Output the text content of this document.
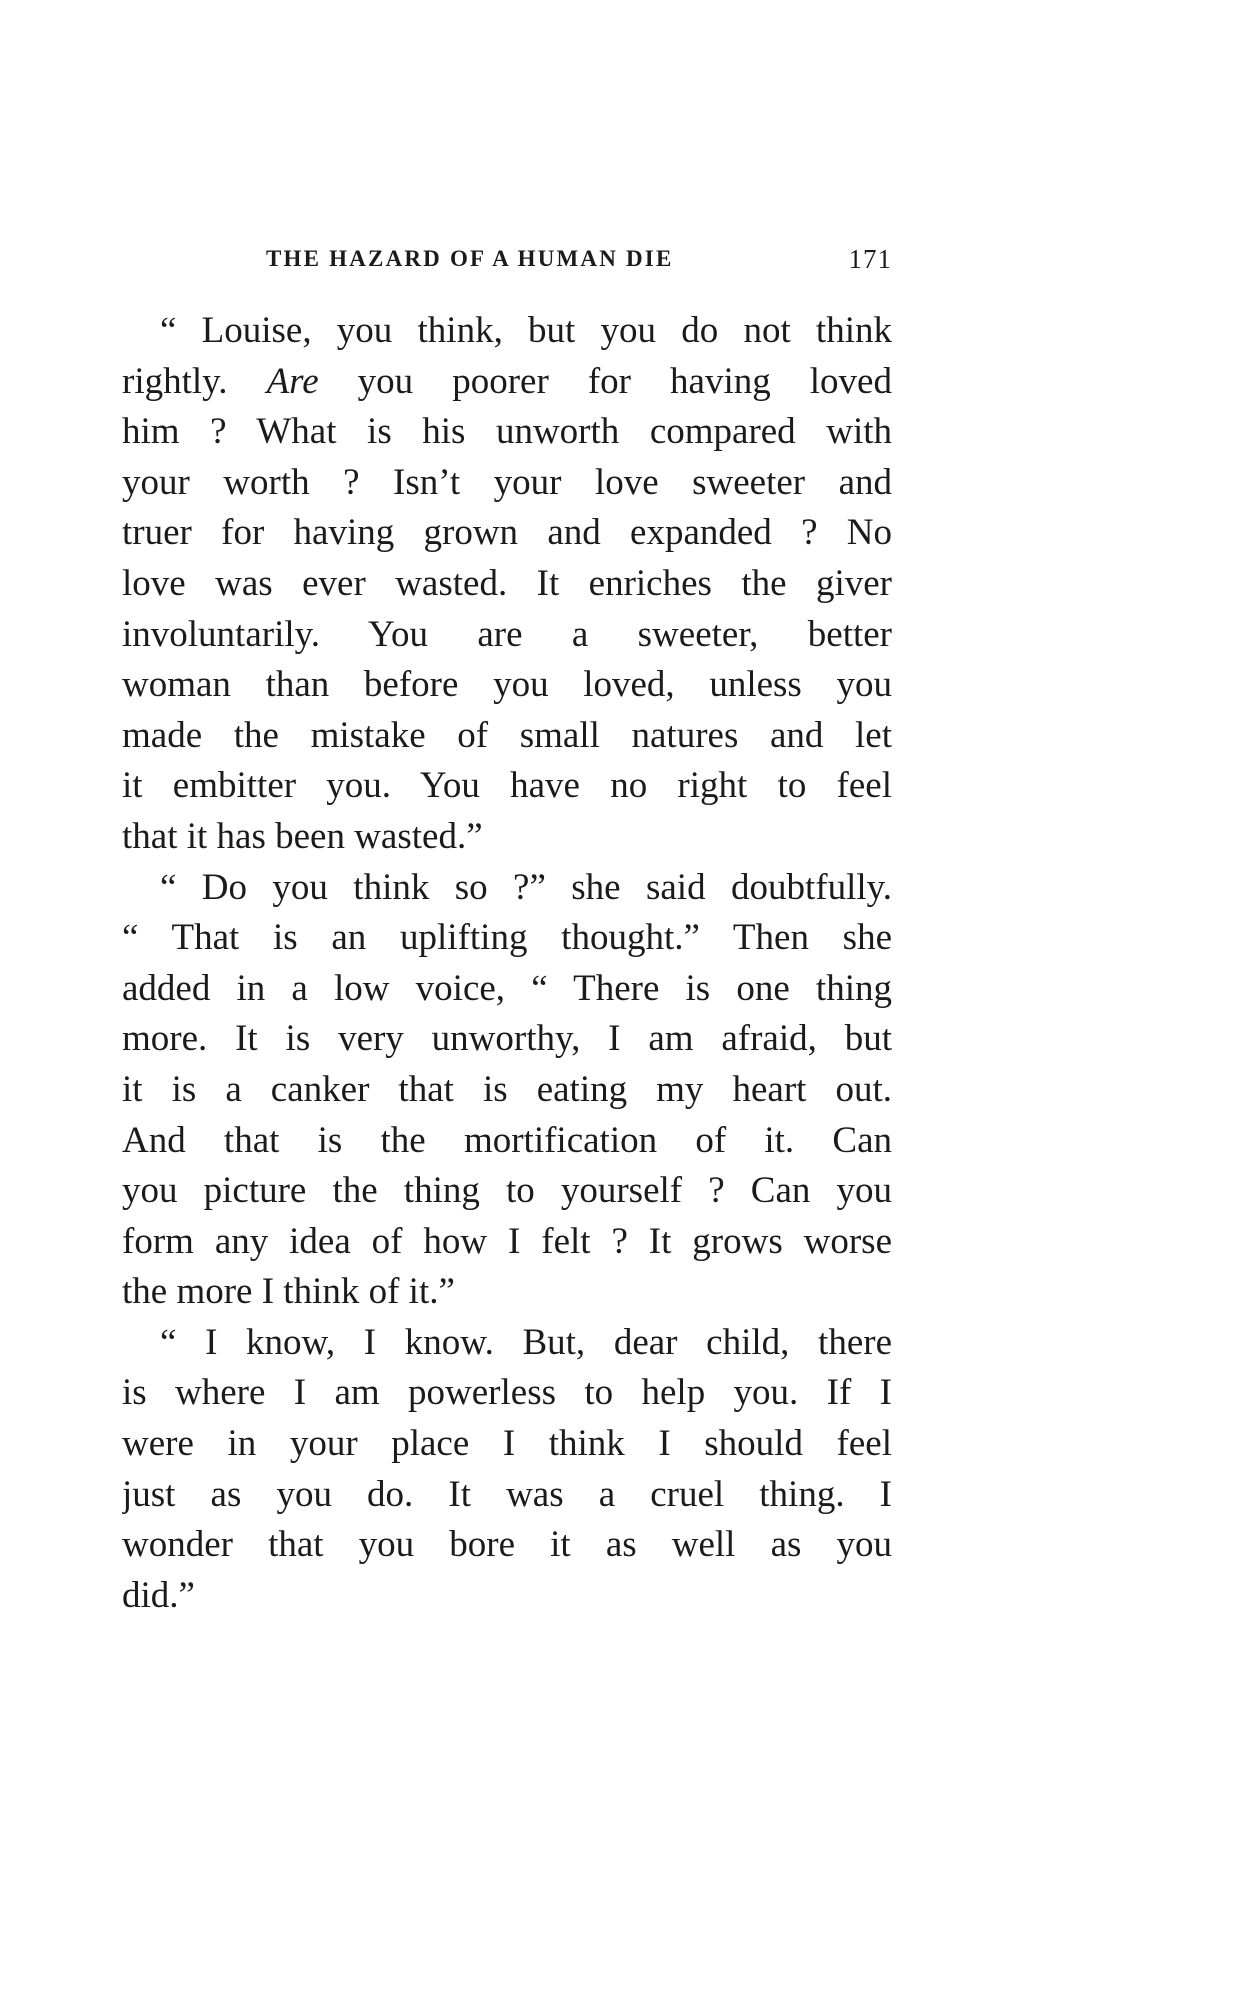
THE HAZARD OF A HUMAN DIE	171
“ Louise, you think, but you do not think
rightly. Are you poorer for having loved
him ? What is his unworth compared with
your worth ? Isn’t your love sweeter and
truer for having grown and expanded ? No
love was ever wasted. It enriches the giver
involuntarily. You are a sweeter, better
woman than before you loved, unless you
made the mistake of small natures and let
it embitter you. You have no right to feel
that it has been wasted.”
“ Do you think so ?” she said doubtfully.
“ That is an uplifting thought.” Then she
added in a low voice, “ There is one thing
more. It is very unworthy, I am afraid, but
it is a canker that is eating my heart out.
And that is the mortification of it. Can
you picture the thing to yourself ? Can you
form any idea of how I felt ? It grows worse
the more I think of it.”
“ I know, I know. But, dear child, there
is where I am powerless to help you. If I
were in your place I think I should feel
just as you do. It was a cruel thing. I
wonder that you bore it as well as you
did.”
